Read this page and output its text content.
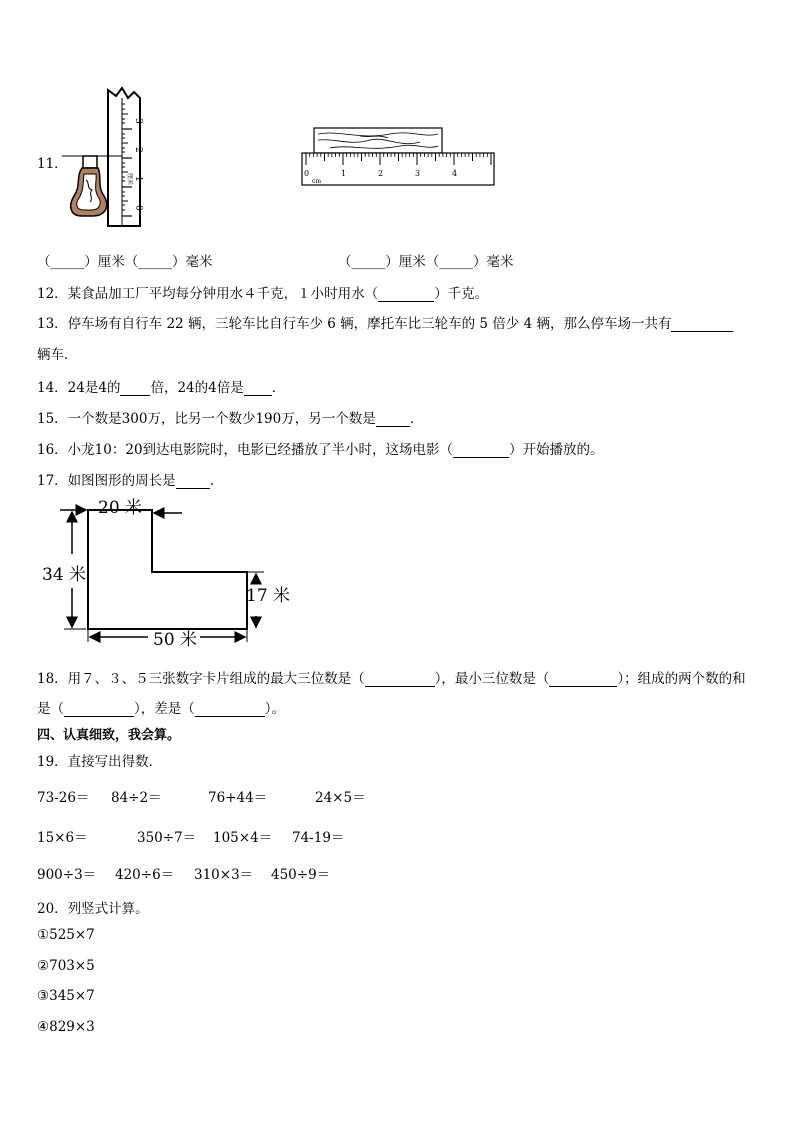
11．
3
2
1
0
厘米	0	1	2	3	4
cm
（_____）厘米（_____）毫米	（_____）厘米（_____）毫米
12．某食品加工厂平均每分钟用水４千克，１小时用水（	）千克。
13．停车场有自行车 22 辆，三轮车比自行车少 6 辆，摩托车比三轮车的 5 倍少 4 辆，那么停车场一共有
辆车．
14．24是4的 倍，24的4倍是 ．
15．一个数是300万，比另一个数少190万，另一个数是	．
16．小龙10：20到达电影院时，电影已经播放了半小时，这场电影（	）开始播放的。
17．如图图形的周长是	．
20 米
34 米
17 米
50 米
18．用７、３、５三张数字卡片组成的最大三位数是（	），最小三位数是（	）；组成的两个数的和
是（	），差是（	）。
四、认真细致，我会算。
19．直接写出得数．
73-26＝ 84÷2＝	76+44＝	24×5＝
15×6＝	350÷7＝ 105×4＝ 74-19＝
900÷3＝ 420÷6＝ 310×3＝ 450÷9＝
20．列竖式计算。
①525×7
②703×5
③345×7
④829×3
